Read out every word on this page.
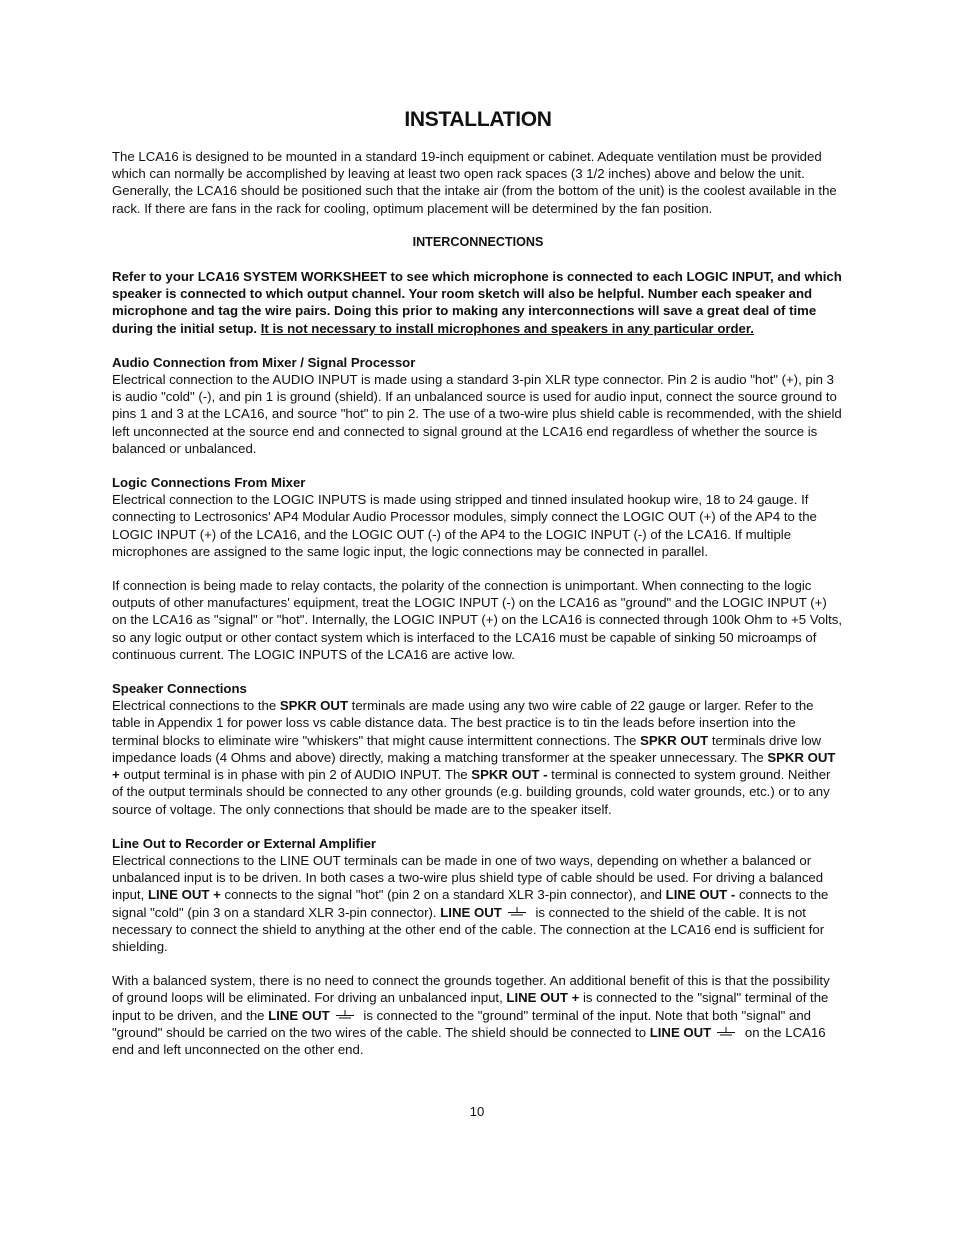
INSTALLATION

The LCA16 is designed to be mounted in a standard 19-inch equipment or cabinet. Adequate ventilation must be provided which can normally be accomplished by leaving at least two open rack spaces (3 1/2 inches) above and below the unit. Generally, the LCA16 should be positioned such that the intake air (from the bottom of the unit) is the coolest available in the rack. If there are fans in the rack for cooling, optimum placement will be determined by the fan position.

INTERCONNECTIONS

Refer to your LCA16 SYSTEM WORKSHEET to see which microphone is connected to each LOGIC INPUT, and which speaker is connected to which output channel. Your room sketch will also be helpful. Number each speaker and microphone and tag the wire pairs. Doing this prior to making any interconnections will save a great deal of time during the initial setup. It is not necessary to install microphones and speakers in any particular order.

Audio Connection from Mixer / Signal Processor

Electrical connection to the AUDIO INPUT is made using a standard 3-pin XLR type connector. Pin 2 is audio "hot" (+), pin 3 is audio "cold" (-), and pin 1 is ground (shield). If an unbalanced source is used for audio input, connect the source ground to pins 1 and 3 at the LCA16, and source "hot" to pin 2. The use of a two-wire plus shield cable is recommended, with the shield left unconnected at the source end and connected to signal ground at the LCA16 end regardless of whether the source is balanced or unbalanced.

Logic Connections From Mixer

Electrical connection to the LOGIC INPUTS is made using stripped and tinned insulated hookup wire, 18 to 24 gauge. If connecting to Lectrosonics' AP4 Modular Audio Processor modules, simply connect the LOGIC OUT (+) of the AP4 to the LOGIC INPUT (+) of the LCA16, and the LOGIC OUT (-) of the AP4 to the LOGIC INPUT (-) of the LCA16. If multiple microphones are assigned to the same logic input, the logic connections may be connected in parallel.

If connection is being made to relay contacts, the polarity of the connection is unimportant. When connecting to the logic outputs of other manufactures' equipment, treat the LOGIC INPUT (-) on the LCA16 as "ground" and the LOGIC INPUT (+) on the LCA16 as "signal" or "hot". Internally, the LOGIC INPUT (+) on the LCA16 is connected through 100k Ohm to +5 Volts, so any logic output or other contact system which is interfaced to the LCA16 must be capable of sinking 50 microamps of continuous current. The LOGIC INPUTS of the LCA16 are active low.

Speaker Connections

Electrical connections to the SPKR OUT terminals are made using any two wire cable of 22 gauge or larger. Refer to the table in Appendix 1 for power loss vs cable distance data. The best practice is to tin the leads before insertion into the terminal blocks to eliminate wire "whiskers" that might cause intermittent connections. The SPKR OUT terminals drive low impedance loads (4 Ohms and above) directly, making a matching transformer at the speaker unnecessary. The SPKR OUT + output terminal is in phase with pin 2 of AUDIO INPUT. The SPKR OUT - terminal is connected to system ground. Neither of the output terminals should be connected to any other grounds (e.g. building grounds, cold water grounds, etc.) or to any source of voltage. The only connections that should be made are to the speaker itself.

Line Out to Recorder or External Amplifier

Electrical connections to the LINE OUT terminals can be made in one of two ways, depending on whether a balanced or unbalanced input is to be driven. In both cases a two-wire plus shield type of cable should be used. For driving a balanced input, LINE OUT + connects to the signal "hot" (pin 2 on a standard XLR 3-pin connector), and LINE OUT - connects to the signal "cold" (pin 3 on a standard XLR 3-pin connector). LINE OUT is connected to the shield of the cable. It is not necessary to connect the shield to anything at the other end of the cable. The connection at the LCA16 end is sufficient for shielding.

With a balanced system, there is no need to connect the grounds together. An additional benefit of this is that the possibility of ground loops will be eliminated. For driving an unbalanced input, LINE OUT + is connected to the "signal" terminal of the input to be driven, and the LINE OUT is connected to the "ground" terminal of the input. Note that both "signal" and "ground" should be carried on the two wires of the cable. The shield should be connected to LINE OUT on the LCA16 end and left unconnected on the other end.

10
